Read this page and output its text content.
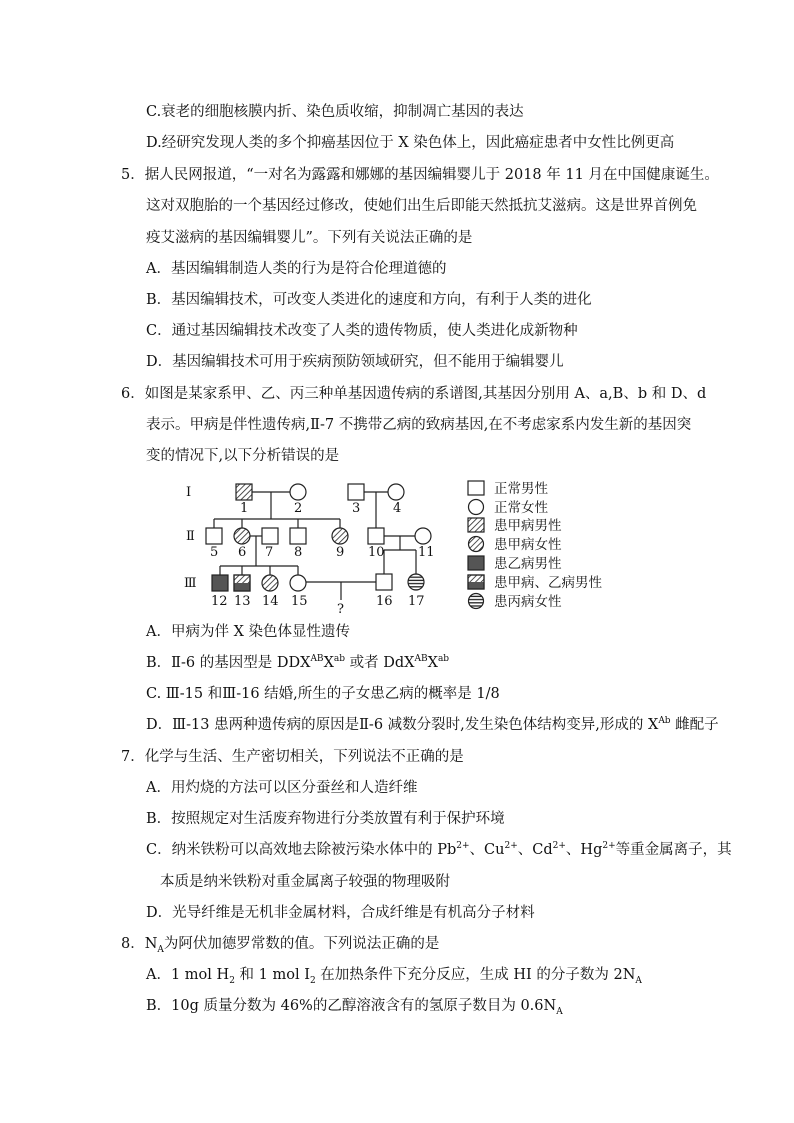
C.衰老的细胞核膜内折、染色质收缩，抑制凋亡基因的表达
D.经研究发现人类的多个抑癌基因位于 X 染色体上，因此癌症患者中女性比例更高
5．据人民网报道，“一对名为露露和娜娜的基因编辑婴儿于 2018 年 11 月在中国健康诞生。
这对双胞胎的一个基因经过修改，使她们出生后即能天然抵抗艾滋病。这是世界首例免
疫艾滋病的基因编辑婴儿”。下列有关说法正确的是
A．基因编辑制造人类的行为是符合伦理道德的
B．基因编辑技术，可改变人类进化的速度和方向，有利于人类的进化
C．通过基因编辑技术改变了人类的遗传物质，使人类进化成新物种
D．基因编辑技术可用于疾病预防领域研究，但不能用于编辑婴儿
6．如图是某家系甲、乙、丙三种单基因遗传病的系谱图,其基因分别用 A、a,B、b 和 D、d
表示。甲病是伴性遗传病,Ⅱ-7 不携带乙病的致病基因,在不考虑家系内发生新的基因突
变的情况下,以下分析错误的是
Ⅰ
Ⅱ
Ⅲ
1	2	3	4
5 6 7 8	9 10	11
12 13 14 15	16 17
?
正常男性
正常女性
患甲病男性
患甲病女性
患乙病男性
患甲病、乙病男性
患丙病女性
A．甲病为伴 X 染色体显性遗传
B．Ⅱ-6 的基因型是 $DDX^{AB}X^{ab}$ 或者 $DdX^{AB}X^{ab}$
C. Ⅲ-15 和Ⅲ-16 结婚,所生的子女患乙病的概率是 1/8
D．Ⅲ-13 患两种遗传病的原因是Ⅱ-6 减数分裂时,发生染色体结构变异,形成的 $X^{Ab}$ 雌配子
7．化学与生活、生产密切相关，下列说法不正确的是
A．用灼烧的方法可以区分蚕丝和人造纤维
B．按照规定对生活废弃物进行分类放置有利于保护环境
C．纳米铁粉可以高效地去除被污染水体中的 $Pb^{2+}$、$Cu^{2+}$、$Cd^{2+}$、$Hg^{2+}$等重金属离子，其
本质是纳米铁粉对重金属离子较强的物理吸附
D．光导纤维是无机非金属材料，合成纤维是有机高分子材料
8．$N_A$为阿伏加德罗常数的值。下列说法正确的是
A．1 mol $H_2$ 和 1 mol $I_2$ 在加热条件下充分反应，生成 HI 的分子数为 $2N_A$
B．10g 质量分数为 46%的乙醇溶液含有的氢原子数目为 $0.6N_A$
